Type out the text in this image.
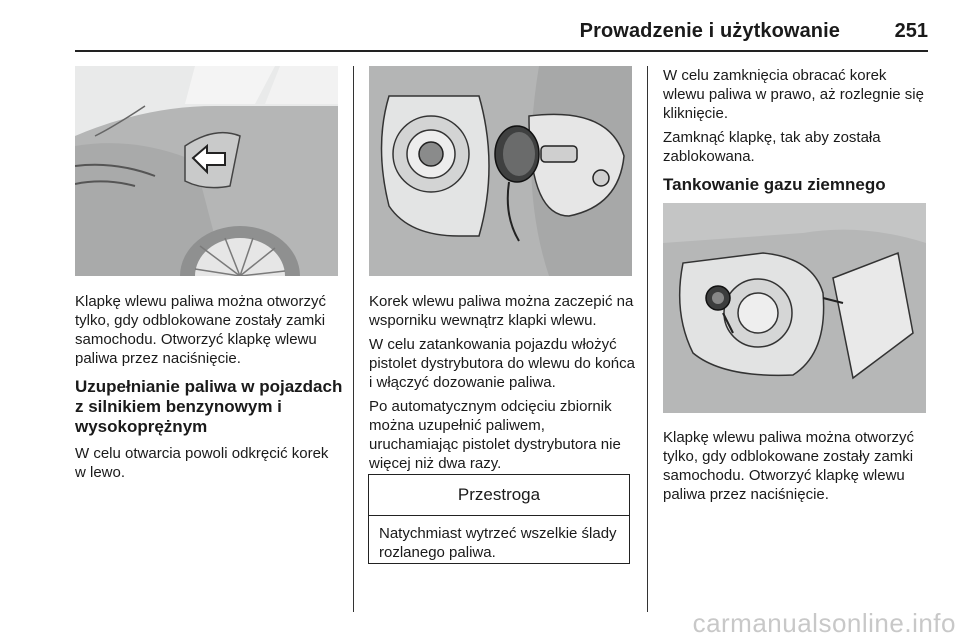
Prowadzenie i użytkowanie	251
Klapkę wlewu paliwa można otworzyć tylko, gdy odblokowane zostały zamki samochodu. Otworzyć klapkę wlewu paliwa przez naciśnięcie.
Uzupełnianie paliwa w pojazdach z silnikiem benzynowym i wysokoprężnym
W celu otwarcia powoli odkręcić korek w lewo.

Korek wlewu paliwa można zaczepić na wsporniku wewnątrz klapki wlewu.

W celu zatankowania pojazdu włożyć pistolet dystrybutora do wlewu do końca i włączyć dozowanie paliwa.

Po automatycznym odcięciu zbiornik można uzupełnić paliwem, uruchamiając pistolet dystrybutora nie więcej niż dwa razy.

Przestroga
Natychmiast wytrzeć wszelkie ślady rozlanego paliwa.

W celu zamknięcia obracać korek wlewu paliwa w prawo, aż rozlegnie się kliknięcie.

Zamknąć klapkę, tak aby została zablokowana.

Tankowanie gazu ziemnego
Klapkę wlewu paliwa można otworzyć tylko, gdy odblokowane zostały zamki samochodu. Otworzyć klapkę wlewu paliwa przez naciśnięcie.
carmanualsonline.info
